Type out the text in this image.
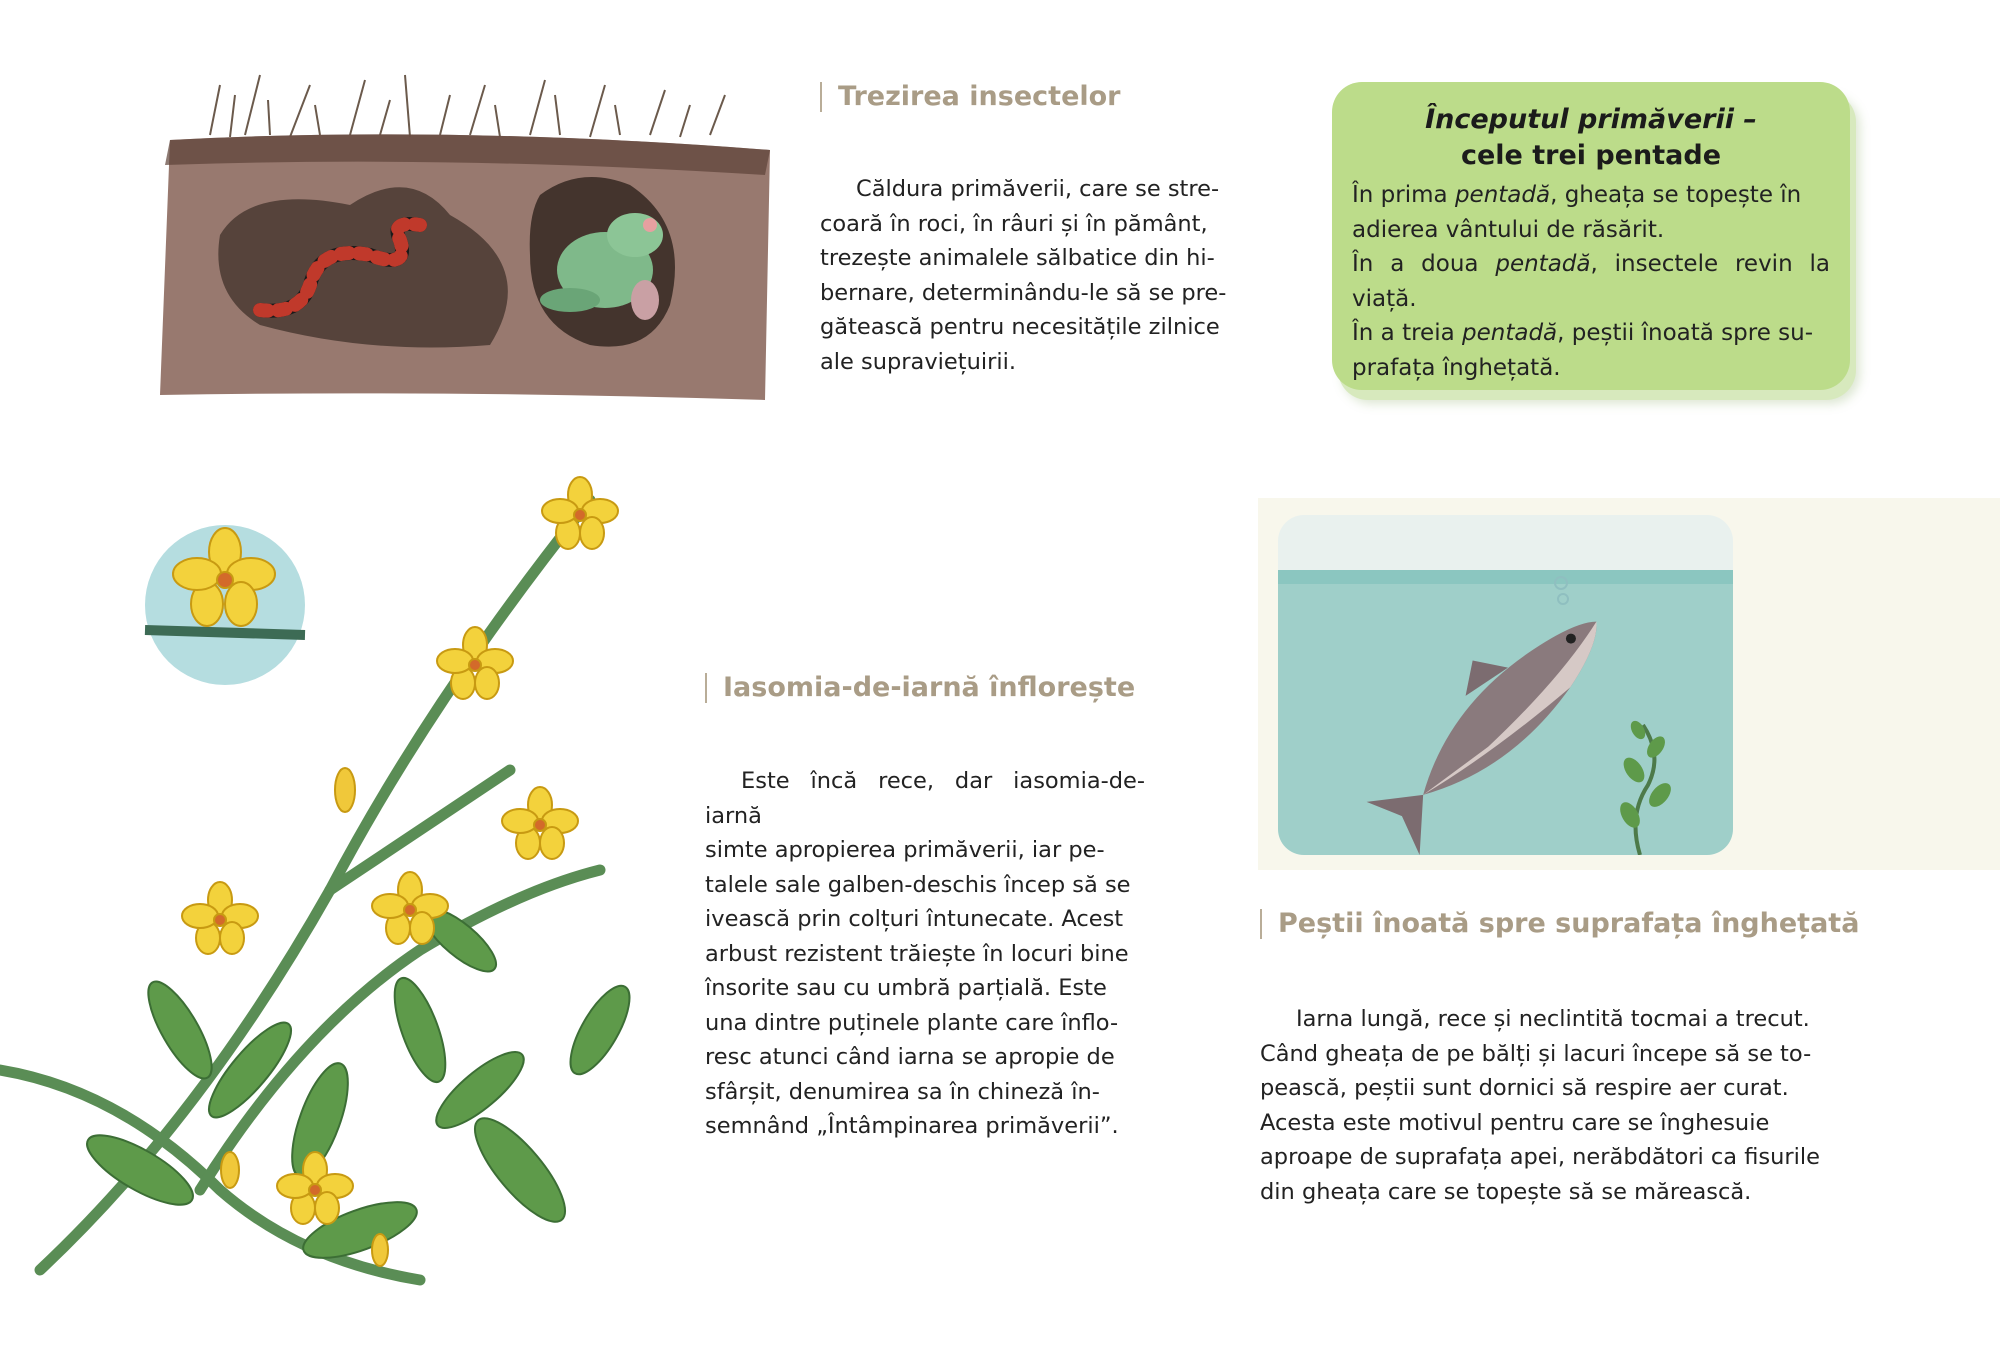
Trezirea insectelor
Căldura primăverii, care se stre-
coară în roci, în râuri și în pământ,
trezește animalele sălbatice din hi-
bernare, determinându-le să se pre-
gătească pentru necesitățile zilnice
ale supraviețuirii.
Începutul primăverii –
cele trei pentade
În prima pentadă, gheața se topește în
adierea vântului de răsărit.
În a doua pentadă, insectele revin la viață.
În a treia pentadă, peștii înoată spre su-
prafața înghețată.
Iasomia-de-iarnă înflorește
Este încă rece, dar iasomia-de-iarnă
simte apropierea primăverii, iar pe-
talele sale galben-deschis încep să se
ivească prin colțuri întunecate. Acest
arbust rezistent trăiește în locuri bine
însorite sau cu umbră parțială. Este
una dintre puținele plante care înflo-
resc atunci când iarna se apropie de
sfârșit, denumirea sa în chineză în-
semnând „Întâmpinarea primăverii”.
Peștii înoată spre suprafața înghețată
Iarna lungă, rece și neclintită tocmai a trecut.
Când gheața de pe bălți și lacuri începe să se to-
pească, peștii sunt dornici să respire aer curat.
Acesta este motivul pentru care se înghesuie
aproape de suprafața apei, nerăbdători ca fisurile
din gheața care se topește să se mărească.
